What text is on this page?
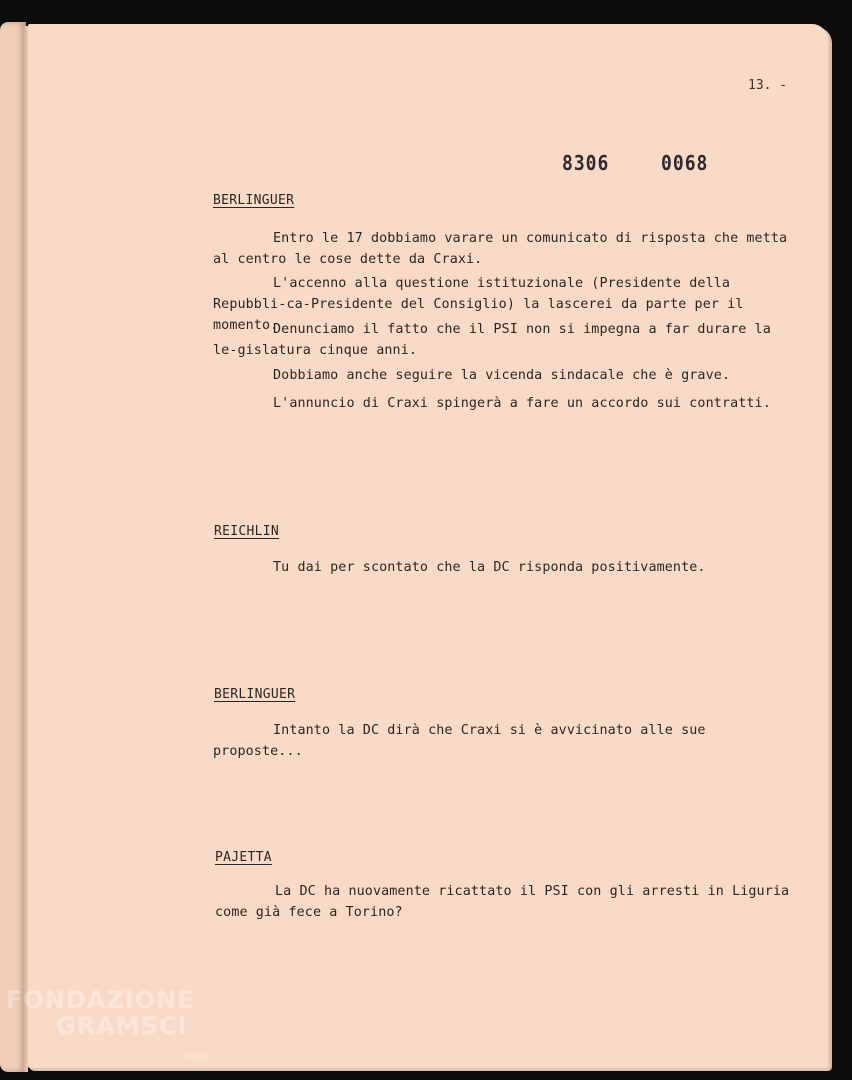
13. -
8306  0068
BERLINGUER

Entro le 17 dobbiamo varare un comunicato di risposta che metta al centro le cose dette da Craxi.

L'accenno alla questione istituzionale (Presidente della Repubbli-ca-Presidente del Consiglio) la lascerei da parte per il momento.

Denunciamo il fatto che il PSI non si impegna a far durare la le-gislatura cinque anni.

Dobbiamo anche seguire la vicenda sindacale che è grave.

L'annuncio di Craxi spingerà a fare un accordo sui contratti.

REICHLIN

Tu dai per scontato che la DC risponda positivamente.

BERLINGUER

Intanto la DC dirà che Craxi si è avvicinato alle sue proposte...

PAJETTA

La DC ha nuovamente ricattato il PSI con gli arresti in Liguria come già fece a Torino?

FONDAZIONE
GRAMSCI
onlus
